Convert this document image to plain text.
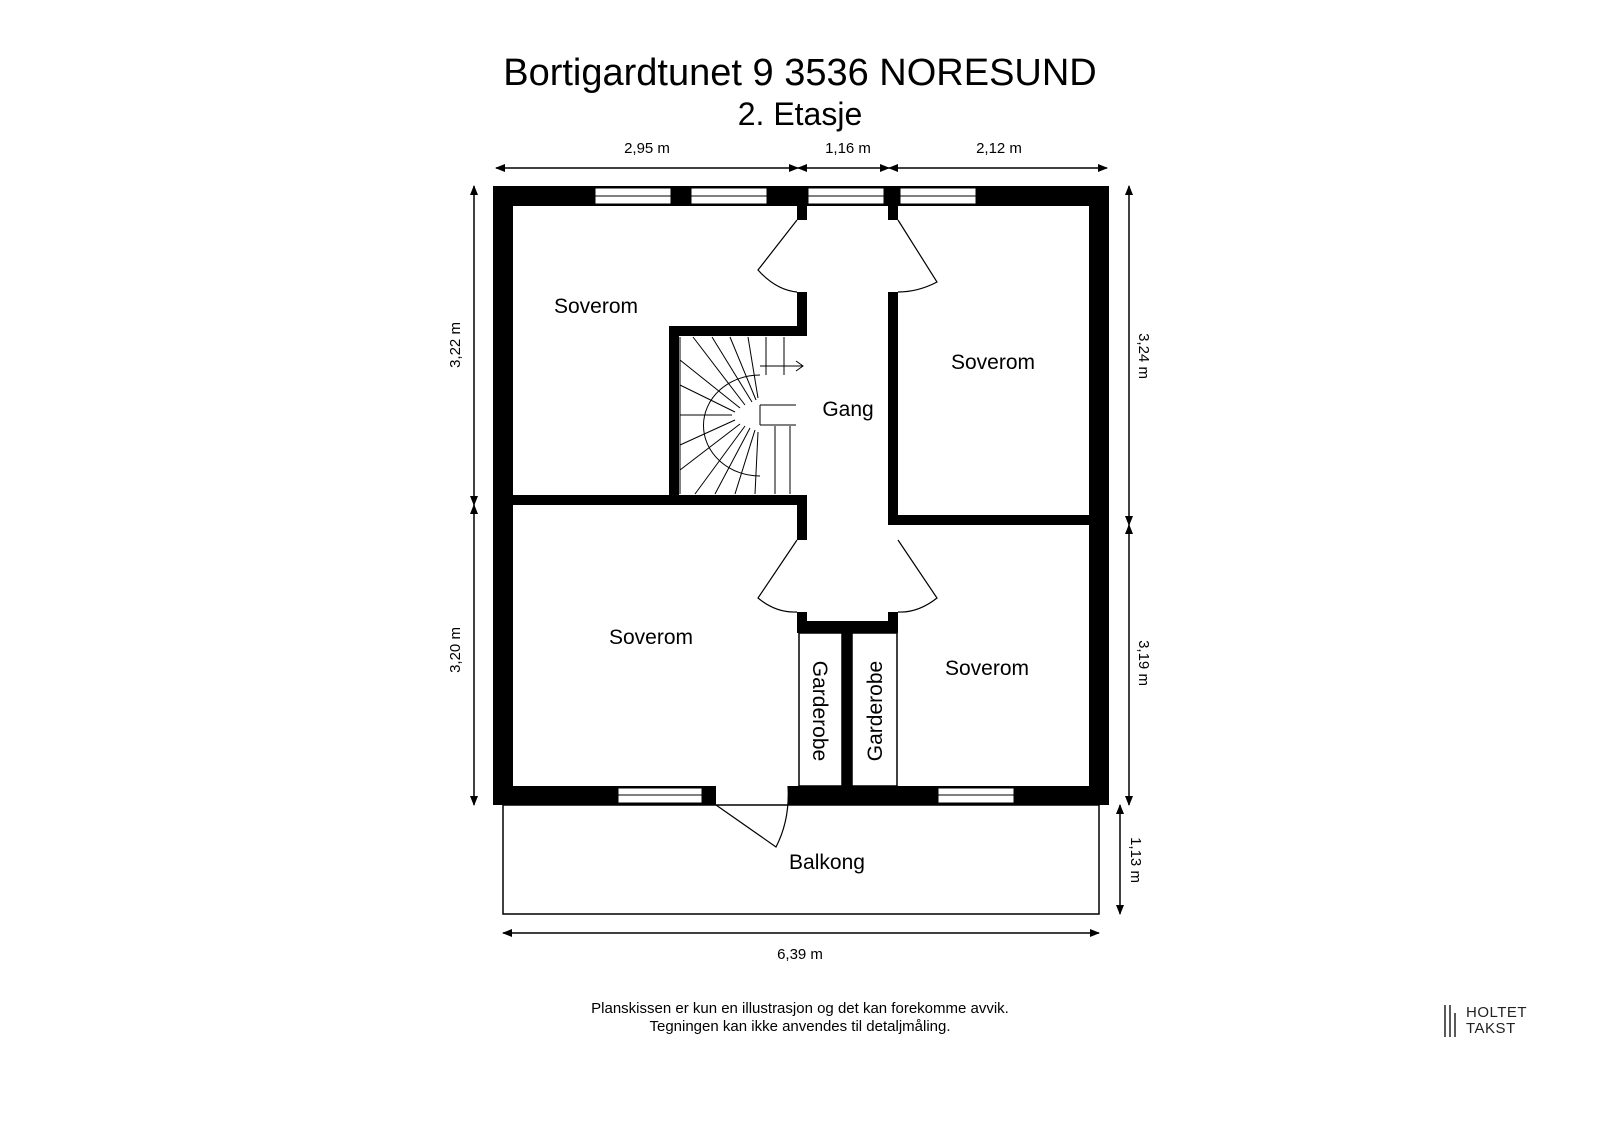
Bortigardtunet 9 3536 NORESUND
2. Etasje
Soverom
Soverom
Gang
Soverom
Soverom
Garderobe Garderobe
Balkong
2,95 m	1,16 m	2,12 m
3,22 m
3,20 m
3,24 m
3,19 m
1,13 m
6,39 m
Planskissen er kun en illustrasjon og det kan forekomme avvik.
Tegningen kan ikke anvendes til detaljmåling.
HOLTET
TAKST
